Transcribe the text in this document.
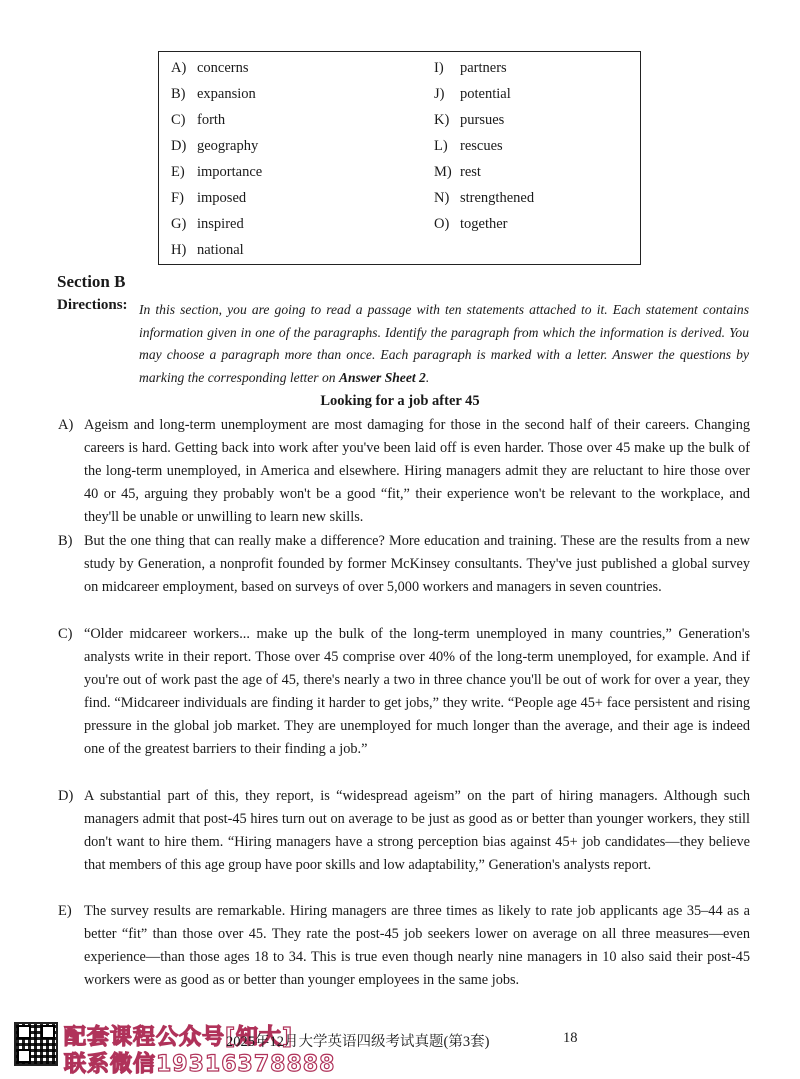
A) concerns
B) expansion
C) forth
D) geography
E) importance
F) imposed
G) inspired
H) national
I) partners
J) potential
K) pursues
L) rescues
M) rest
N) strengthened
O) together
Section B
Directions: In this section, you are going to read a passage with ten statements attached to it. Each statement contains information given in one of the paragraphs. Identify the paragraph from which the information is derived. You may choose a paragraph more than once. Each paragraph is marked with a letter. Answer the questions by marking the corresponding letter on Answer Sheet 2.

Looking for a job after 45
A) Ageism and long-term unemployment are most damaging for those in the second half of their careers. Changing careers is hard. Getting back into work after you've been laid off is even harder. Those over 45 make up the bulk of the long-term unemployed, in America and elsewhere. Hiring managers admit they are reluctant to hire those over 40 or 45, arguing they probably won't be a good “fit,” their experience won't be relevant to the workplace, and they'll be unable or unwilling to learn new skills.

B) But the one thing that can really make a difference? More education and training. These are the results from a new study by Generation, a nonprofit founded by former McKinsey consultants. They've just published a global survey on midcareer employment, based on surveys of over 5,000 workers and managers in seven countries.

C) “Older midcareer workers... make up the bulk of the long-term unemployed in many countries,” Generation's analysts write in their report. Those over 45 comprise over 40% of the long-term unemployed, for example. And if you're out of work past the age of 45, there's nearly a two in three chance you'll be out of work for over a year, they find. “Midcareer individuals are finding it harder to get jobs,” they write. “People age 45+ face persistent and rising pressure in the global job market. They are unemployed for much longer than the average, and their age is indeed one of the greatest barriers to their finding a job.”

D) A substantial part of this, they report, is “widespread ageism” on the part of hiring managers. Although such managers admit that post-45 hires turn out on average to be just as good as or better than younger workers, they still don't want to hire them. “Hiring managers have a strong perception bias against 45+ job candidates—they believe that members of this age group have poor skills and low adaptability,” Generation's analysts report.

E) The survey results are remarkable. Hiring managers are three times as likely to rate job applicants age 35–44 as a better “fit” than those over 45. They rate the post-45 job seekers lower on average on all three measures—even experience—than those ages 18 to 34. This is true even though nearly nine managers in 10 also said their post-45 workers were as good as or better than younger employees in the same jobs.

配套课程公众号[知大]
联系微信19316378888
2025年12月大学英语四级考试真题(第3套)	18
